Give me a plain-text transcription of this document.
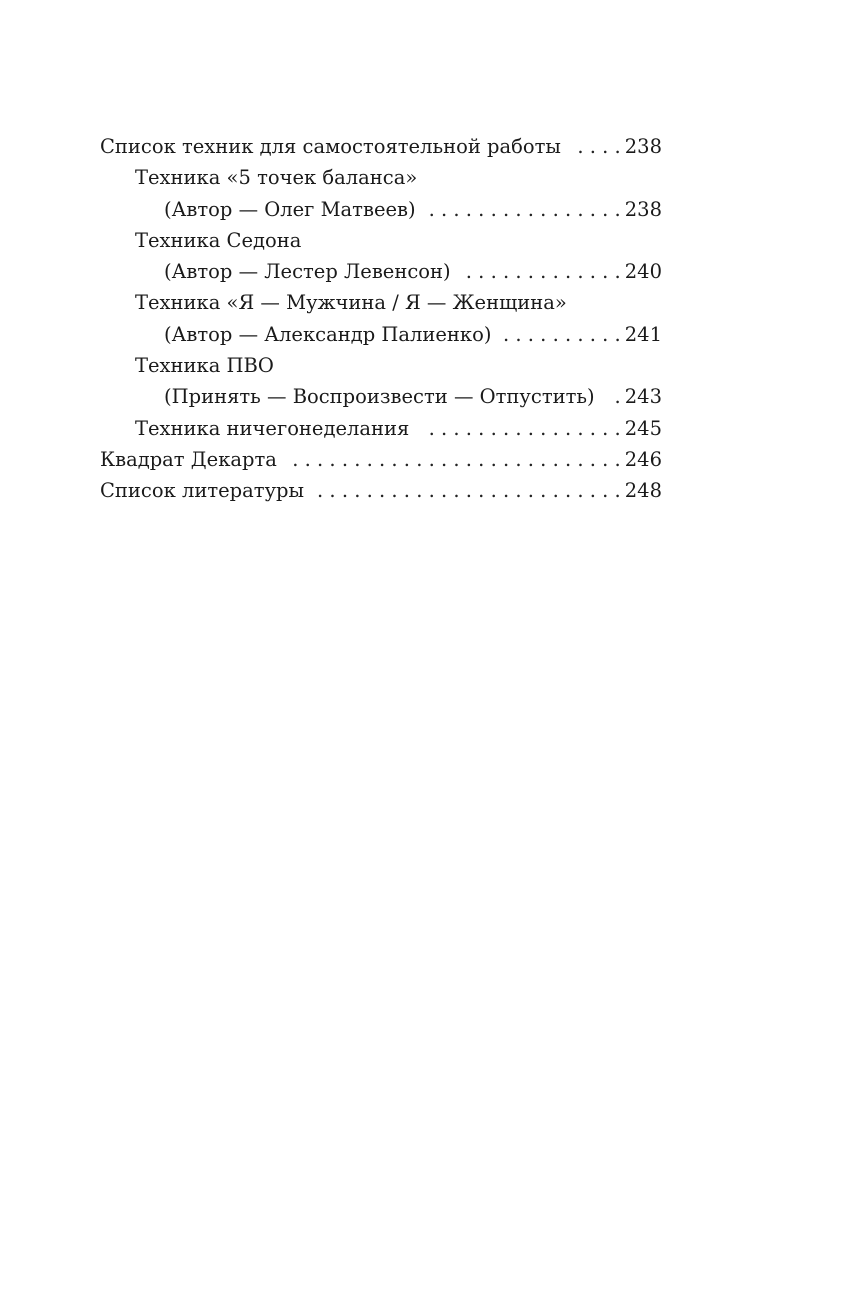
Список техник для самостоятельной работы . . .	238
Техника «5 точек баланса»
(Автор — Олег Матвеев) . . .	238
Техника Седона
(Автор — Лестер Левенсон) . . .	240
Техника «Я — Мужчина / Я — Женщина»
(Автор — Александр Палиенко) . . .	241
Техника ПВО
(Принять — Воспроизвести — Отпустить) . . . 243
Техника ничегонеделания . . .	245
Квадрат Декарта . . .	246
Список литературы . . .	248
